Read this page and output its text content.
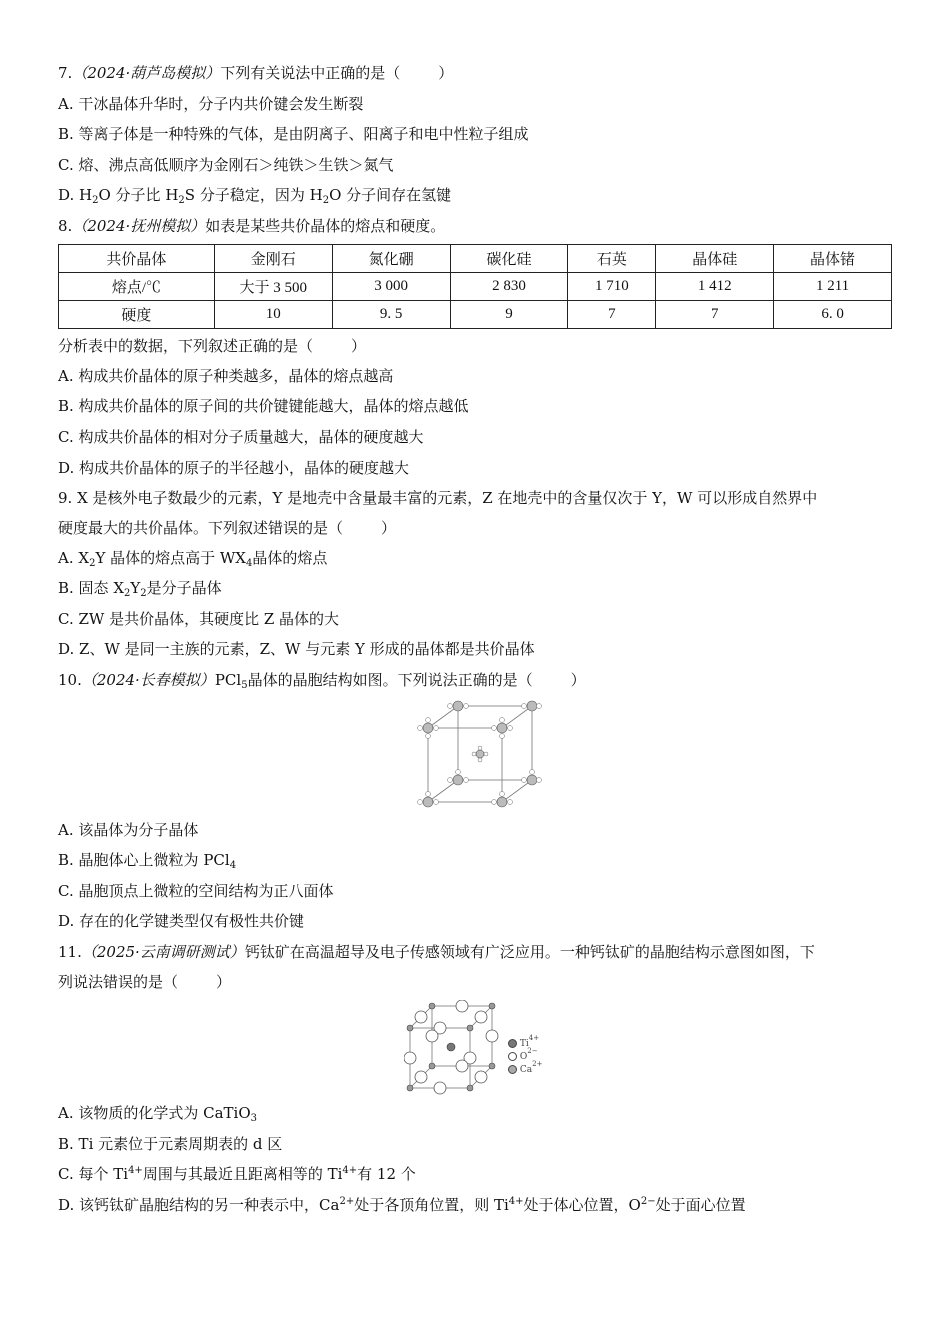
7.（2024·葫芦岛模拟）下列有关说法中正确的是（	）
A. 干冰晶体升华时，分子内共价键会发生断裂
B. 等离子体是一种特殊的气体，是由阴离子、阳离子和电中性粒子组成
C. 熔、沸点高低顺序为金刚石＞纯铁＞生铁＞氮气
D. $H_2O$ 分子比 $H_2S$ 分子稳定，因为 $H_2O$ 分子间存在氢键
8.（2024·抚州模拟）如表是某些共价晶体的熔点和硬度。
共价晶体	金刚石	氮化硼	碳化硅	石英	晶体硅	晶体锗
熔点/℃	大于 3 500	3 000	2 830	1 710	1 412	1 211
硬度	10	9. 5	9	7	7	6. 0
分析表中的数据，下列叙述正确的是（	）
A. 构成共价晶体的原子种类越多，晶体的熔点越高
B. 构成共价晶体的原子间的共价键键能越大，晶体的熔点越低
C. 构成共价晶体的相对分子质量越大，晶体的硬度越大
D. 构成共价晶体的原子的半径越小，晶体的硬度越大
9. X 是核外电子数最少的元素，Y 是地壳中含量最丰富的元素，Z 在地壳中的含量仅次于 Y，W 可以形成自然界中
硬度最大的共价晶体。下列叙述错误的是（	）
A. $X_2Y$ 晶体的熔点高于 $WX_4$晶体的熔点
B. 固态 $X_2Y_2$是分子晶体
C. ZW 是共价晶体，其硬度比 Z 晶体的大
D. Z、W 是同一主族的元素，Z、W 与元素 Y 形成的晶体都是共价晶体
10.（2024·长春模拟）PCl$_5$晶体的晶胞结构如图。下列说法正确的是（	）
A. 该晶体为分子晶体
B. 晶胞体心上微粒为 PCl$_4$
C. 晶胞顶点上微粒的空间结构为正八面体
D. 存在的化学键类型仅有极性共价键
11.（2025·云南调研测试）钙钛矿在高温超导及电子传感领域有广泛应用。一种钙钛矿的晶胞结构示意图如图，下
列说法错误的是（	）
$Ti^{4+}$
$O^{2-}$
$Ca^{2+}$
A. 该物质的化学式为 CaTiO$_3$
B. Ti 元素位于元素周期表的 d 区
C. 每个 $Ti^{4+}$周围与其最近且距离相等的 $Ti^{4+}$有 12 个
D. 该钙钛矿晶胞结构的另一种表示中，$Ca^{2+}$处于各顶角位置，则 $Ti^{4+}$处于体心位置，$O^{2-}$处于面心位置
